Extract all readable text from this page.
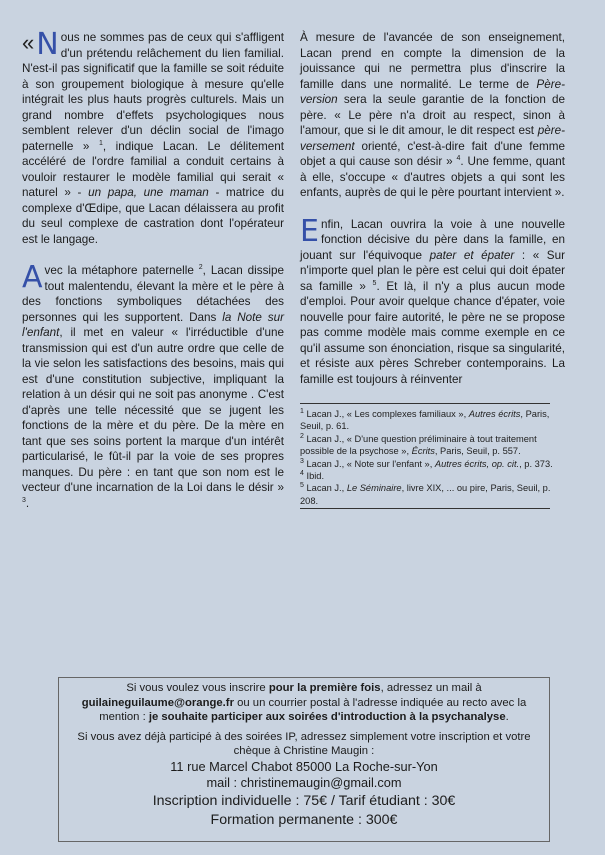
« N ous ne sommes pas de ceux qui s'affligent d'un prétendu relâchement du lien familial. N'est-il pas significatif que la famille se soit réduite à son groupement biologique à mesure qu'elle intégrait les plus hauts progrès culturels. Mais un grand nombre d'effets psychologiques nous semblent relever d'un déclin social de l'imago paternelle » $^1$, indique Lacan. Le délitement accéléré de l'ordre familial a conduit certains à vouloir restaurer le modèle familial qui serait « naturel » - un papa, une maman - matrice du complexe d'Œdipe, que Lacan délaissera au profit du seul complexe de castration dont l'opérateur est le langage.

Avec la métaphore paternelle $^2$, Lacan dissipe tout malentendu, élevant la mère et le père à des fonctions symboliques détachées des personnes qui les supportent. Dans la Note sur l'enfant, il met en valeur « l'irréductible d'une transmission qui est d'un autre ordre que celle de la vie selon les satisfactions des besoins, mais qui est d'une constitution subjective, impliquant la relation à un désir qui ne soit pas anonyme . C'est d'après une telle nécessité que se jugent les fonctions de la mère et du père. De la mère en tant que ses soins portent la marque d'un intérêt particularisé, le fût-il par la voie de ses propres manques. Du père : en tant que son nom est le vecteur d'une incarnation de la Loi dans le désir » $^3$.

À mesure de l'avancée de son enseignement, Lacan prend en compte la dimension de la jouissance qui ne permettra plus d'inscrire la famille dans une normalité. Le terme de Père-version sera la seule garantie de la fonction de père. « Le père n'a droit au respect, sinon à l'amour, que si le dit amour, le dit respect est père-versement orienté, c'est-à-dire fait d'une femme objet a qui cause son désir » $^4$. Une femme, quant à elle, s'occupe « d'autres objets a qui sont les enfants, auprès de qui le père pourtant intervient ».

Enfin, Lacan ouvrira la voie à une nouvelle fonction décisive du père dans la famille, en jouant sur l'équivoque pater et épater : « Sur n'importe quel plan le père est celui qui doit épater sa famille » $^5$. Et là, il n'y a plus aucun mode d'emploi. Pour avoir quelque chance d'épater, voie nouvelle pour faire autorité, le père ne se propose pas comme modèle mais comme exemple en ce qu'il assume son énonciation, risque sa singularité, et résiste aux pères Schreber contemporains. La famille est toujours à réinventer

$^1$ Lacan J., « Les complexes familiaux », Autres écrits, Paris, Seuil, p. 61.
$^2$ Lacan J., « D'une question préliminaire à tout traitement possible de la psychose », Écrits, Paris, Seuil, p. 557.
$^3$ Lacan J., « Note sur l'enfant », Autres écrits, op. cit., p. 373.
$^4$ Ibid.
$^5$ Lacan J., Le Séminaire, livre XIX, ... ou pire, Paris, Seuil, p. 208.
Si vous voulez vous inscrire pour la première fois, adressez un mail à
guilaineguilaume@orange.fr ou un courrier postal à l'adresse indiquée au recto avec la mention : je souhaite participer aux soirées d'introduction à la psychanalyse.
Si vous avez déjà participé à des soirées IP, adressez simplement votre inscription et votre chèque à Christine Maugin :
11 rue Marcel Chabot 85000 La Roche-sur-Yon
mail : christinemaugin@gmail.com
Inscription individuelle : 75€ / Tarif étudiant : 30€
Formation permanente : 300€
